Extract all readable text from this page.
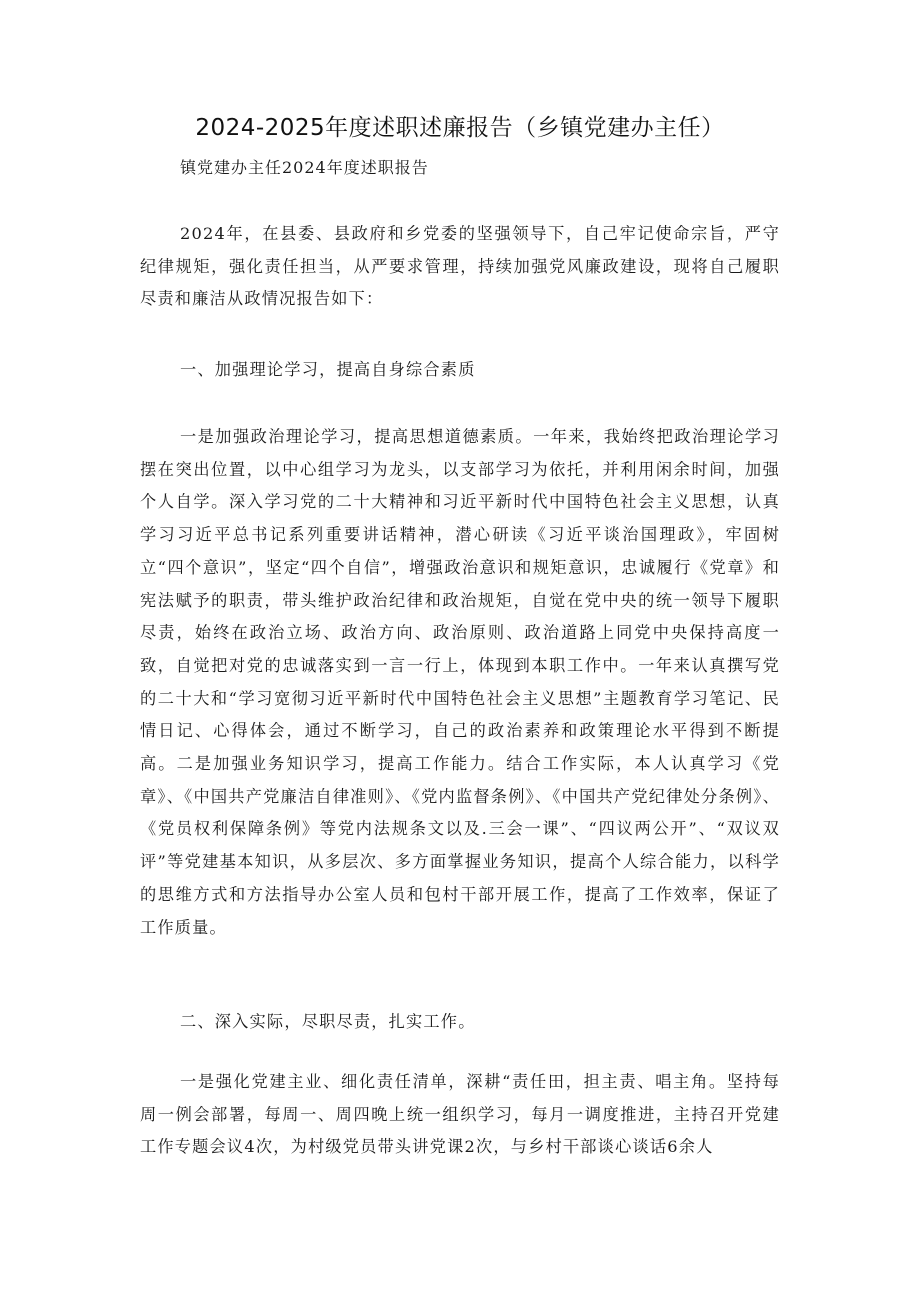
2024-2025年度述职述廉报告（乡镇党建办主任）
镇党建办主任2024年度述职报告

2024年，在县委、县政府和乡党委的坚强领导下，自己牢记使命宗旨，严守纪律规矩，强化责任担当，从严要求管理，持续加强党风廉政建设，现将自己履职尽责和廉洁从政情况报告如下：

一、加强理论学习，提高自身综合素质

一是加强政治理论学习，提高思想道德素质。一年来，我始终把政治理论学习摆在突出位置，以中心组学习为龙头，以支部学习为依托，并利用闲余时间，加强个人自学。深入学习党的二十大精神和习近平新时代中国特色社会主义思想，认真学习习近平总书记系列重要讲话精神，潜心研读《习近平谈治国理政》，牢固树立“四个意识”，坚定“四个自信”，增强政治意识和规矩意识，忠诚履行《党章》和宪法赋予的职责，带头维护政治纪律和政治规矩，自觉在党中央的统一领导下履职尽责，始终在政治立场、政治方向、政治原则、政治道路上同党中央保持高度一致，自觉把对党的忠诚落实到一言一行上，体现到本职工作中。一年来认真撰写党的二十大和“学习宽彻习近平新时代中国特色社会主义思想”主题教育学习笔记、民情日记、心得体会，通过不断学习，自己的政治素养和政策理论水平得到不断提高。二是加强业务知识学习，提高工作能力。结合工作实际，本人认真学习《党章》、《中国共产党廉洁自律准则》、《党内监督条例》、《中国共产党纪律处分条例》、《党员权利保障条例》等党内法规条文以及.三会一课”、“四议两公开”、“双议双评”等党建基本知识，从多层次、多方面掌握业务知识，提高个人综合能力，以科学的思维方式和方法指导办公室人员和包村干部开展工作，提高了工作效率，保证了工作质量。

二、深入实际，尽职尽责，扎实工作。

一是强化党建主业、细化责任清单，深耕“责任田，担主责、唱主角。坚持每周一例会部署，每周一、周四晚上统一组织学习，每月一调度推进，主持召开党建工作专题会议4次，为村级党员带头讲党课2次，与乡村干部谈心谈话6余人
